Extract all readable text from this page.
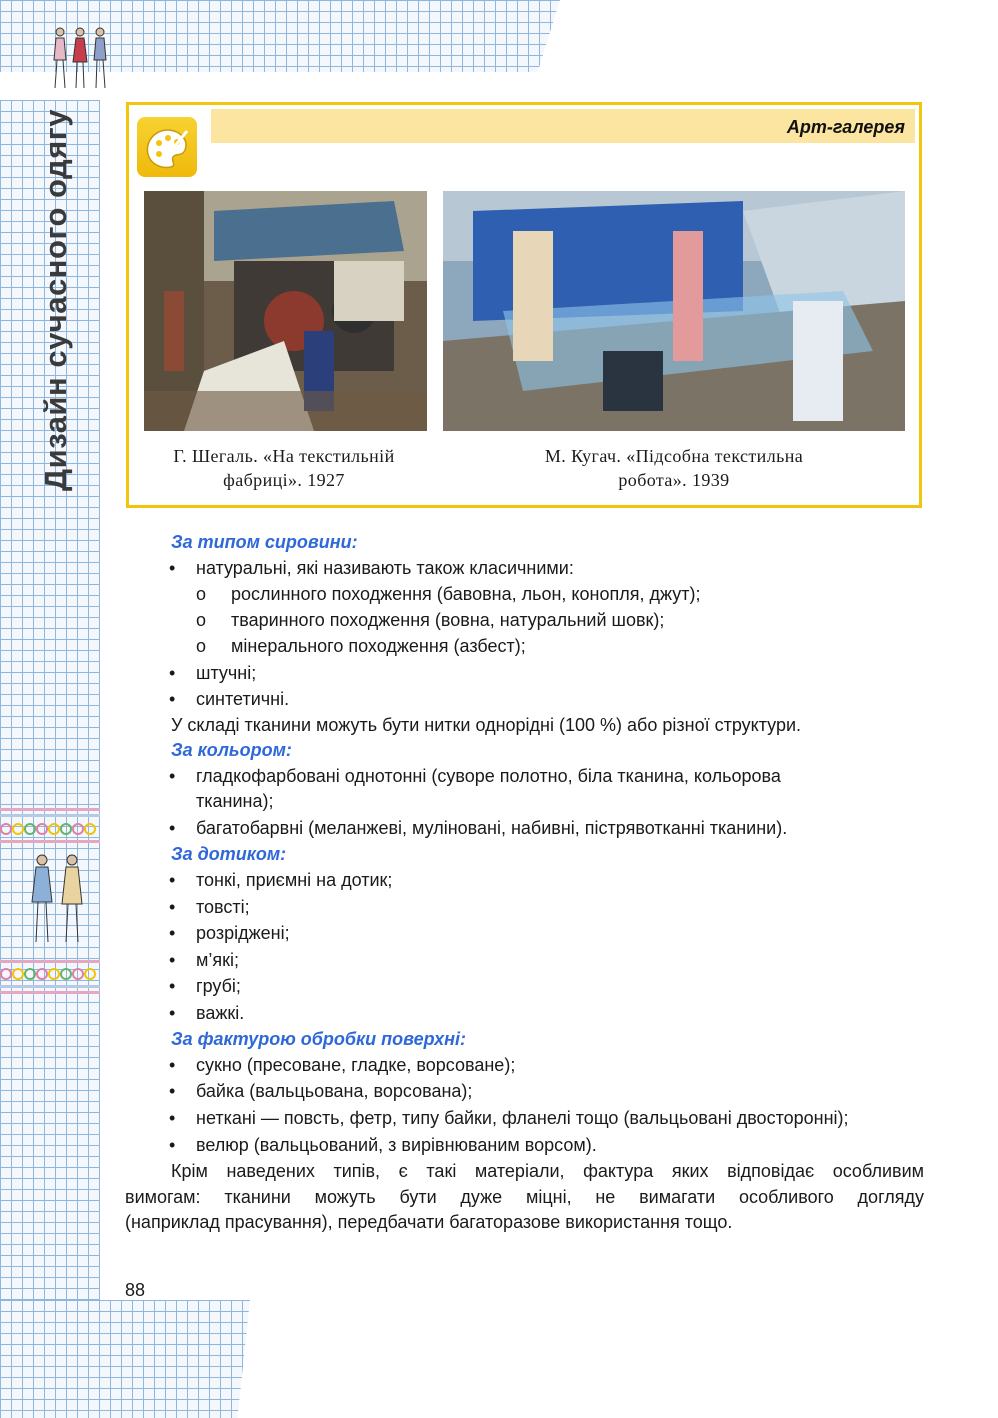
Дизайн сучасного одягу	Арт-галерея
Г. Шегаль. «На текстильній
фабриці». 1927
М. Кугач. «Підсобна текстильна
робота». 1939
За типом сировини:
• натуральні, які називають також класичними:
o рослинного походження (бавовна, льон, конопля, джут);
o тваринного походження (вовна, натуральний шовк);
o мінерального походження (азбест);
• штучні;
• синтетичні.
У складі тканини можуть бути нитки однорідні (100 %) або різної структури.
За кольором:
• гладкофарбовані однотонні (суворе полотно, біла тканина, кольорова
тканина);
• багатобарвні (меланжеві, муліновані, набивні, пістрявотканні тканини).
За дотиком:
• тонкі, приємні на дотик;
• товсті;
• розріджені;
• м’які;
• грубі;
• важкі.
За фактурою обробки поверхні:
• сукно (пресоване, гладке, ворсоване);
• байка (вальцьована, ворсована);
• неткані — повсть, фетр, типу байки, фланелі тощо (вальцьовані двосторонні);
• велюр (вальцьований, з вирівнюваним ворсом).
Крім наведених типів, є такі матеріали, фактура яких відповідає особливим
вимогам: тканини можуть бути дуже міцні, не вимагати особливого догляду
(наприклад прасування), передбачати багаторазове використання тощо.
88
